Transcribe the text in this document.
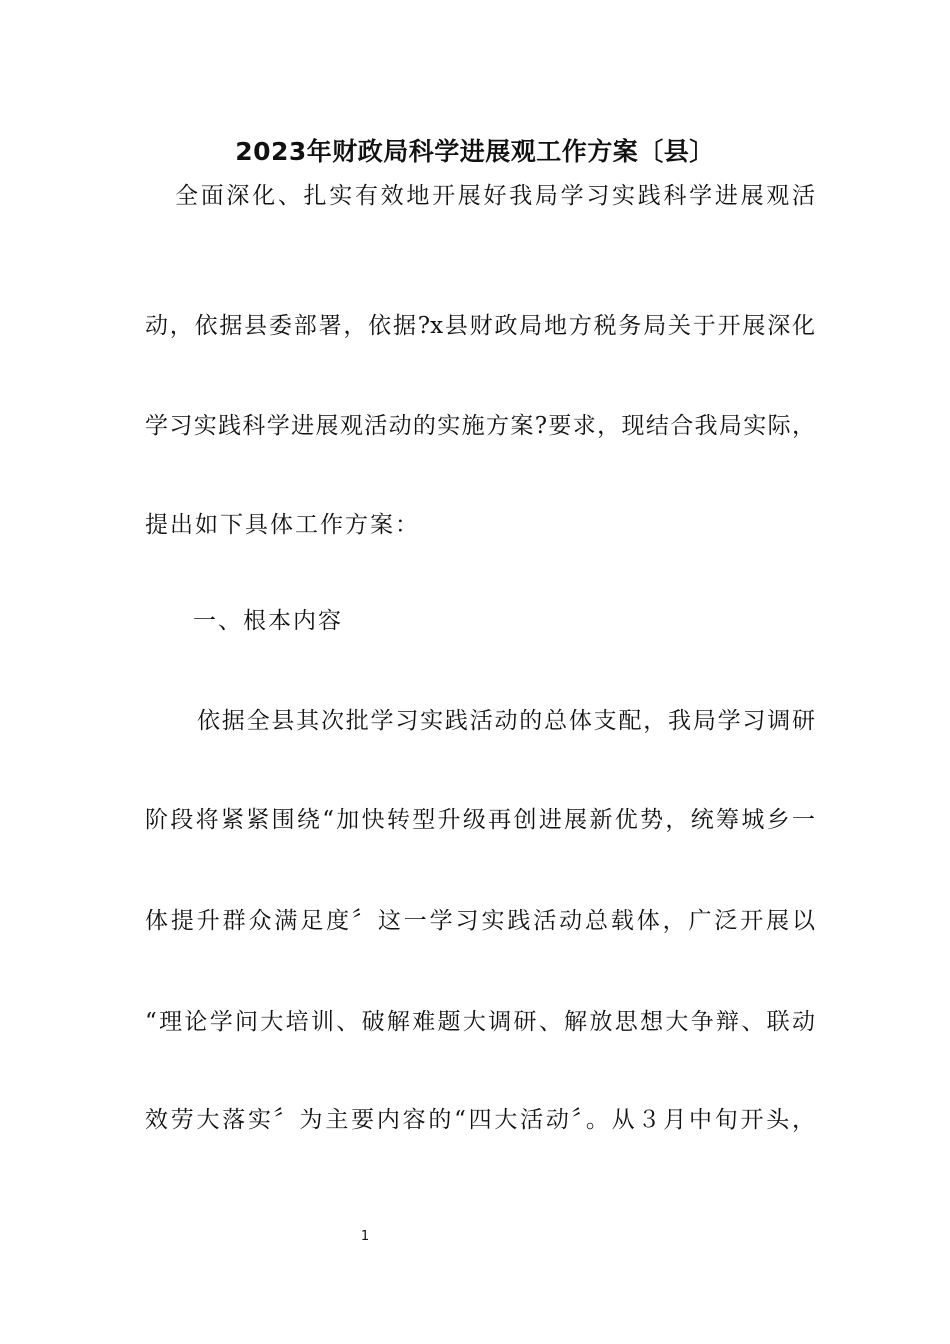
2023年财政局科学进展观工作方案〔县〕
全面深化、扎实有效地开展好我局学习实践科学进展观活
动，依据县委部署，依据?x县财政局地方税务局关于开展深化
学习实践科学进展观活动的实施方案?要求，现结合我局实际，
提出如下具体工作方案：
一、根本内容
依据全县其次批学习实践活动的总体支配，我局学习调研
阶段将紧紧围绕“加快转型升级再创进展新优势，统筹城乡一
体提升群众满足度〞这一学习实践活动总载体，广泛开展以
“理论学问大培训、破解难题大调研、解放思想大争辩、联动
效劳大落实〞为主要内容的“四大活动〞。从３月中旬开头，
1
